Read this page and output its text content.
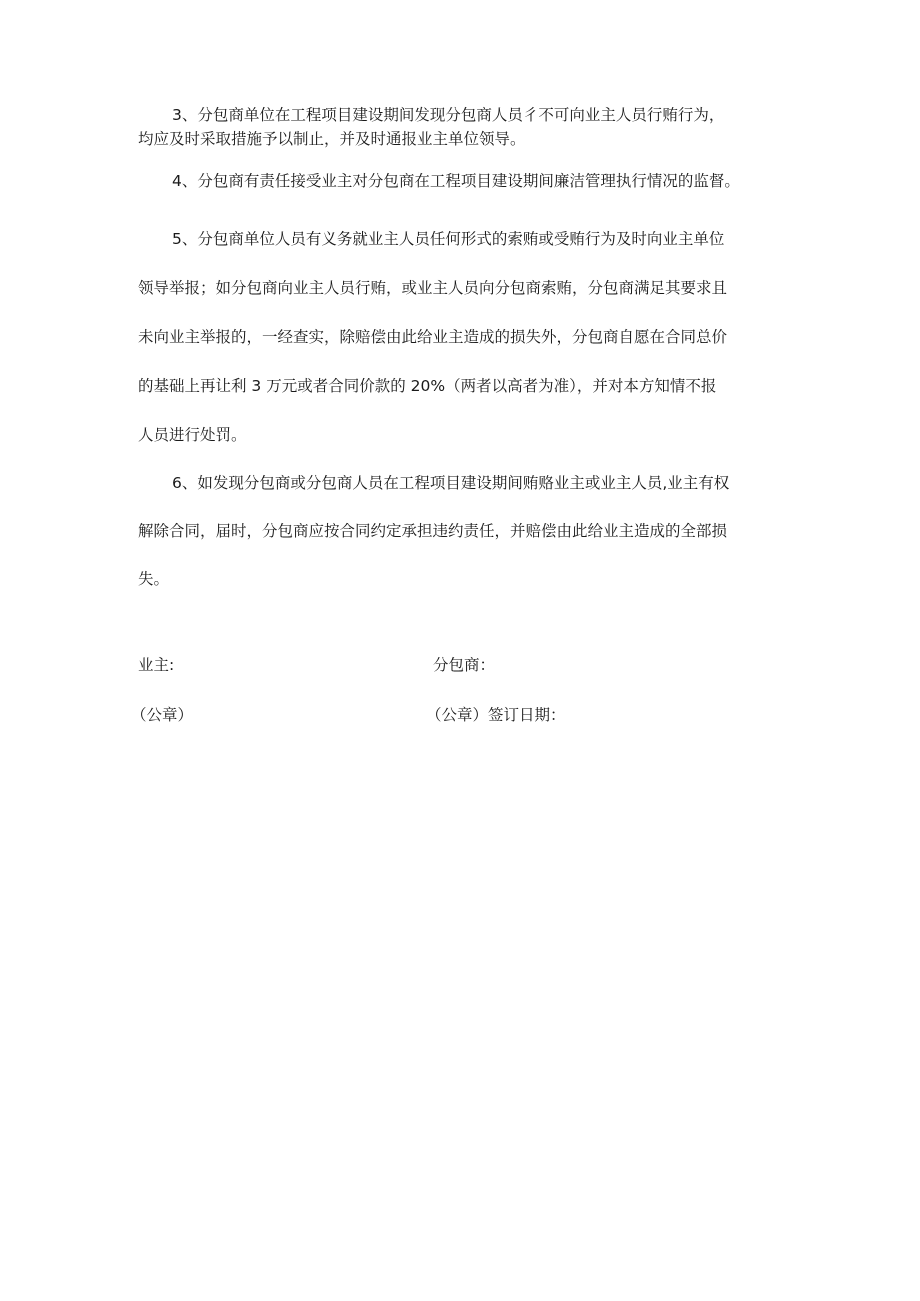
3、分包商单位在工程项目建设期间发现分包商人员彳不可向业主人员行贿行为，
均应及时采取措施予以制止，并及时通报业主单位领导。

4、分包商有责任接受业主对分包商在工程项目建设期间廉洁管理执行情况的监督。

5、分包商单位人员有义务就业主人员任何形式的索贿或受贿行为及时向业主单位
领导举报；如分包商向业主人员行贿，或业主人员向分包商索贿，分包商满足其要求且
未向业主举报的，一经查实，除赔偿由此给业主造成的损失外，分包商自愿在合同总价
的基础上再让利 3 万元或者合同价款的 20%（两者以高者为准），并对本方知情不报
人员进行处罚。

6、如发现分包商或分包商人员在工程项目建设期间贿赂业主或业主人员,业主有权
解除合同，届时，分包商应按合同约定承担违约责任，并赔偿由此给业主造成的全部损
失。

业主:
（公章）
分包商：
（公章）签订日期：
